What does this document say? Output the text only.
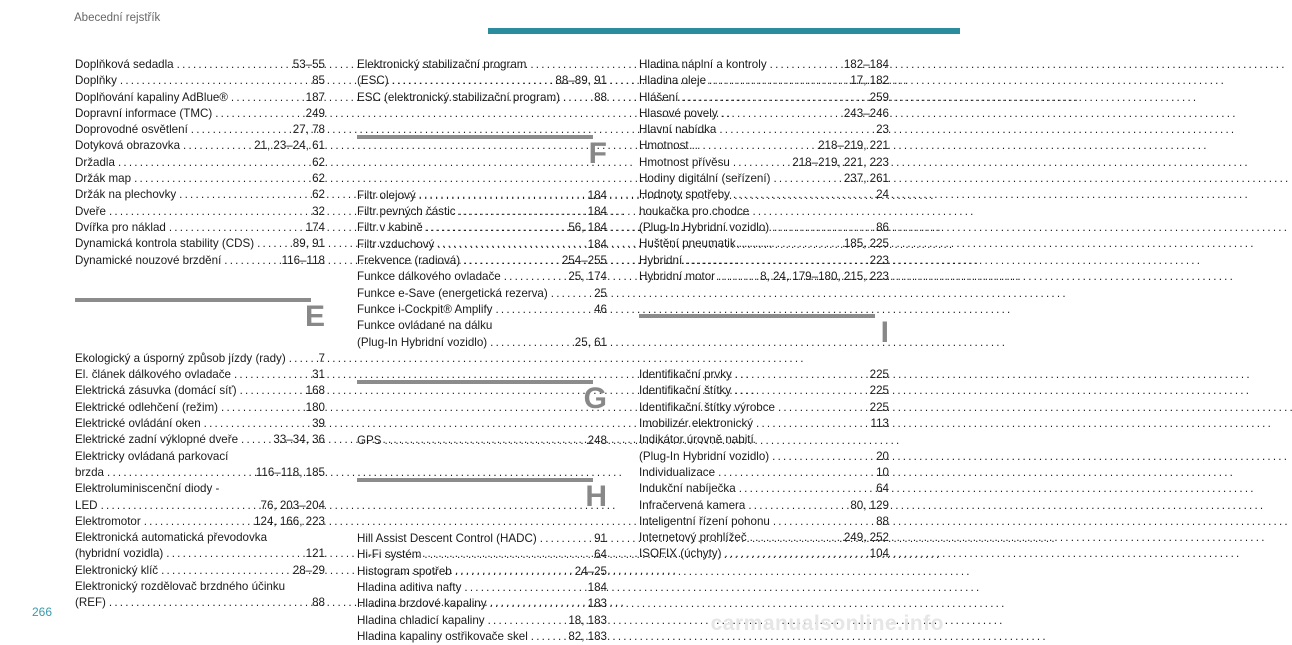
Abecední rejstřík
Doplňková sedadla . . .	53–55
Doplňky . . .	85
Doplňování kapaliny AdBlue® . . .	187
Dopravní informace (TMC) . . .	249
Doprovodné osvětlení . . .	27, 78
Dotyková obrazovka . . .	21, 23–24, 61
Držadla . . .	62
Držák map . . .	62
Držák na plechovky . . .	62
Dveře . . .	32
Dvířka pro náklad . . .	174
Dynamická kontrola stability (CDS) . . .	89, 91
Dynamické nouzové brzdění . . .	116–118
E
Ekologický a úsporný způsob jízdy (rady) . . .	7
El. článek dálkového ovladače . . .	31
Elektrická zásuvka (domácí síť) . . .	168
Elektrické odlehčení (režim) . . .	180
Elektrické ovládání oken . . .	39
Elektrické zadní výklopné dveře . . .	33–34, 36
Elektricky ovládaná parkovací
brzda . . .	116–118, 185
Elektroluminiscenční diody -
LED . . .	76, 203–204
Elektromotor . . .	124, 166, 223
Elektronická automatická převodovka
(hybridní vozidla) . . .	121
Elektronický klíč . . .	28–29
Elektronický rozdělovač brzdného účinku
(REF) . . .	88
Elektronický stabilizační program
(ESC) . . .	88–89, 91
ESC (elektronický stabilizační program) . . .	88
F
Filtr olejový . . .	184
Filtr pevných částic . . .	184
Filtr v kabině . . .	56, 184
Filtr vzduchový . . .	184
Frekvence (radiová) . . .	254–255
Funkce dálkového ovladače . . .	25, 174
Funkce e-Save (energetická rezerva) . . .	25
Funkce i-Cockpit® Amplify . . .	46
Funkce ovládané na dálku
(Plug-In Hybridní vozidlo) . . .	25, 61
G
GPS . . .	248
H
Hill Assist Descent Control (HADC) . . .	91
Hi-Fi systém . . .	64
Histogram spotřeb . . .	24–25
Hladina aditiva nafty . . .	184
Hladina brzdové kapaliny . . .	183
Hladina chladicí kapaliny . . .	18, 183
Hladina kapaliny ostřikovače skel . . .	82, 183
Hladina náplní a kontroly . . .	182–184
Hladina oleje . . .	17, 182
Hlášení . . .	259
Hlasové povely . . .	243–246
Hlavní nabídka . . .	23
Hmotnost . . .	218–219, 221
Hmotnost přívěsu . . .	218–219, 221, 223
Hodiny digitální (seřízení) . . .	237, 261
Hodnoty spotřeby . . .	24
houkačka pro chodce
(Plug-In Hybridní vozidlo) . . .	86
Huštění pneumatik . . .	185, 225
Hybridní . . .	223
Hybridní motor . . .	8, 24, 179–180, 215, 223
I
Identifikační prvky . . .	225
Identifikační štítky . . .	225
Identifikační štítky výrobce . . .	225
Imobilizér elektronický . . .	113
Indikátor úrovně nabití
(Plug-In Hybridní vozidlo) . . .	20
Individualizace . . .	10
Indukční nabíječka . . .	64
Infračervená kamera . . .	80, 129
Inteligentní řízení pohonu . . .	88
Internetový prohlížeč . . .	249, 252
ISOFIX (úchyty) . . .	104
266	carmanualsonline.info
